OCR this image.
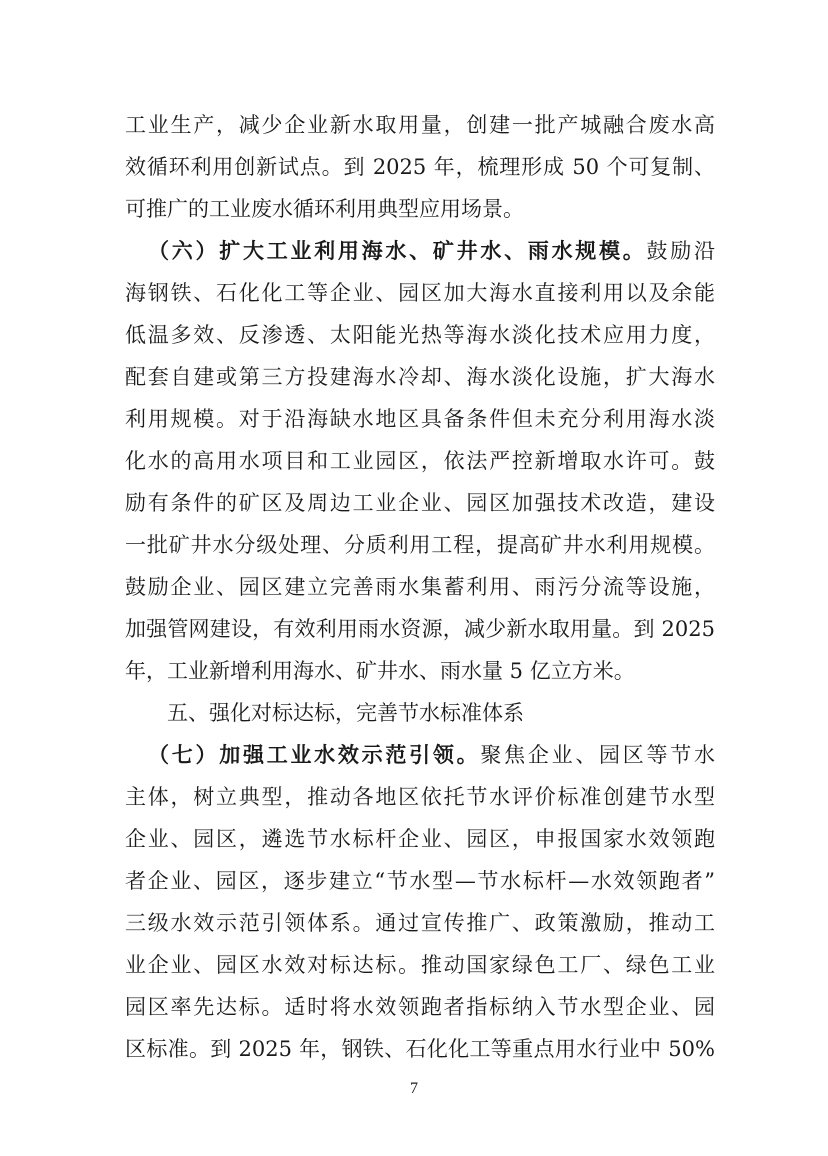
工业生产，减少企业新水取用量，创建一批产城融合废水高
效循环利用创新试点。到 2025 年，梳理形成 50 个可复制、
可推广的工业废水循环利用典型应用场景。
（六）扩大工业利用海水、矿井水、雨水规模。鼓励沿
海钢铁、石化化工等企业、园区加大海水直接利用以及余能
低温多效、反渗透、太阳能光热等海水淡化技术应用力度，
配套自建或第三方投建海水冷却、海水淡化设施，扩大海水
利用规模。对于沿海缺水地区具备条件但未充分利用海水淡
化水的高用水项目和工业园区，依法严控新增取水许可。鼓
励有条件的矿区及周边工业企业、园区加强技术改造，建设
一批矿井水分级处理、分质利用工程，提高矿井水利用规模。
鼓励企业、园区建立完善雨水集蓄利用、雨污分流等设施，
加强管网建设，有效利用雨水资源，减少新水取用量。到 2025
年，工业新增利用海水、矿井水、雨水量 5 亿立方米。
五、强化对标达标，完善节水标准体系
（七）加强工业水效示范引领。聚焦企业、园区等节水
主体，树立典型，推动各地区依托节水评价标准创建节水型
企业、园区，遴选节水标杆企业、园区，申报国家水效领跑
者企业、园区，逐步建立“节水型—节水标杆—水效领跑者”
三级水效示范引领体系。通过宣传推广、政策激励，推动工
业企业、园区水效对标达标。推动国家绿色工厂、绿色工业
园区率先达标。适时将水效领跑者指标纳入节水型企业、园
区标准。到 2025 年，钢铁、石化化工等重点用水行业中 50%
7
